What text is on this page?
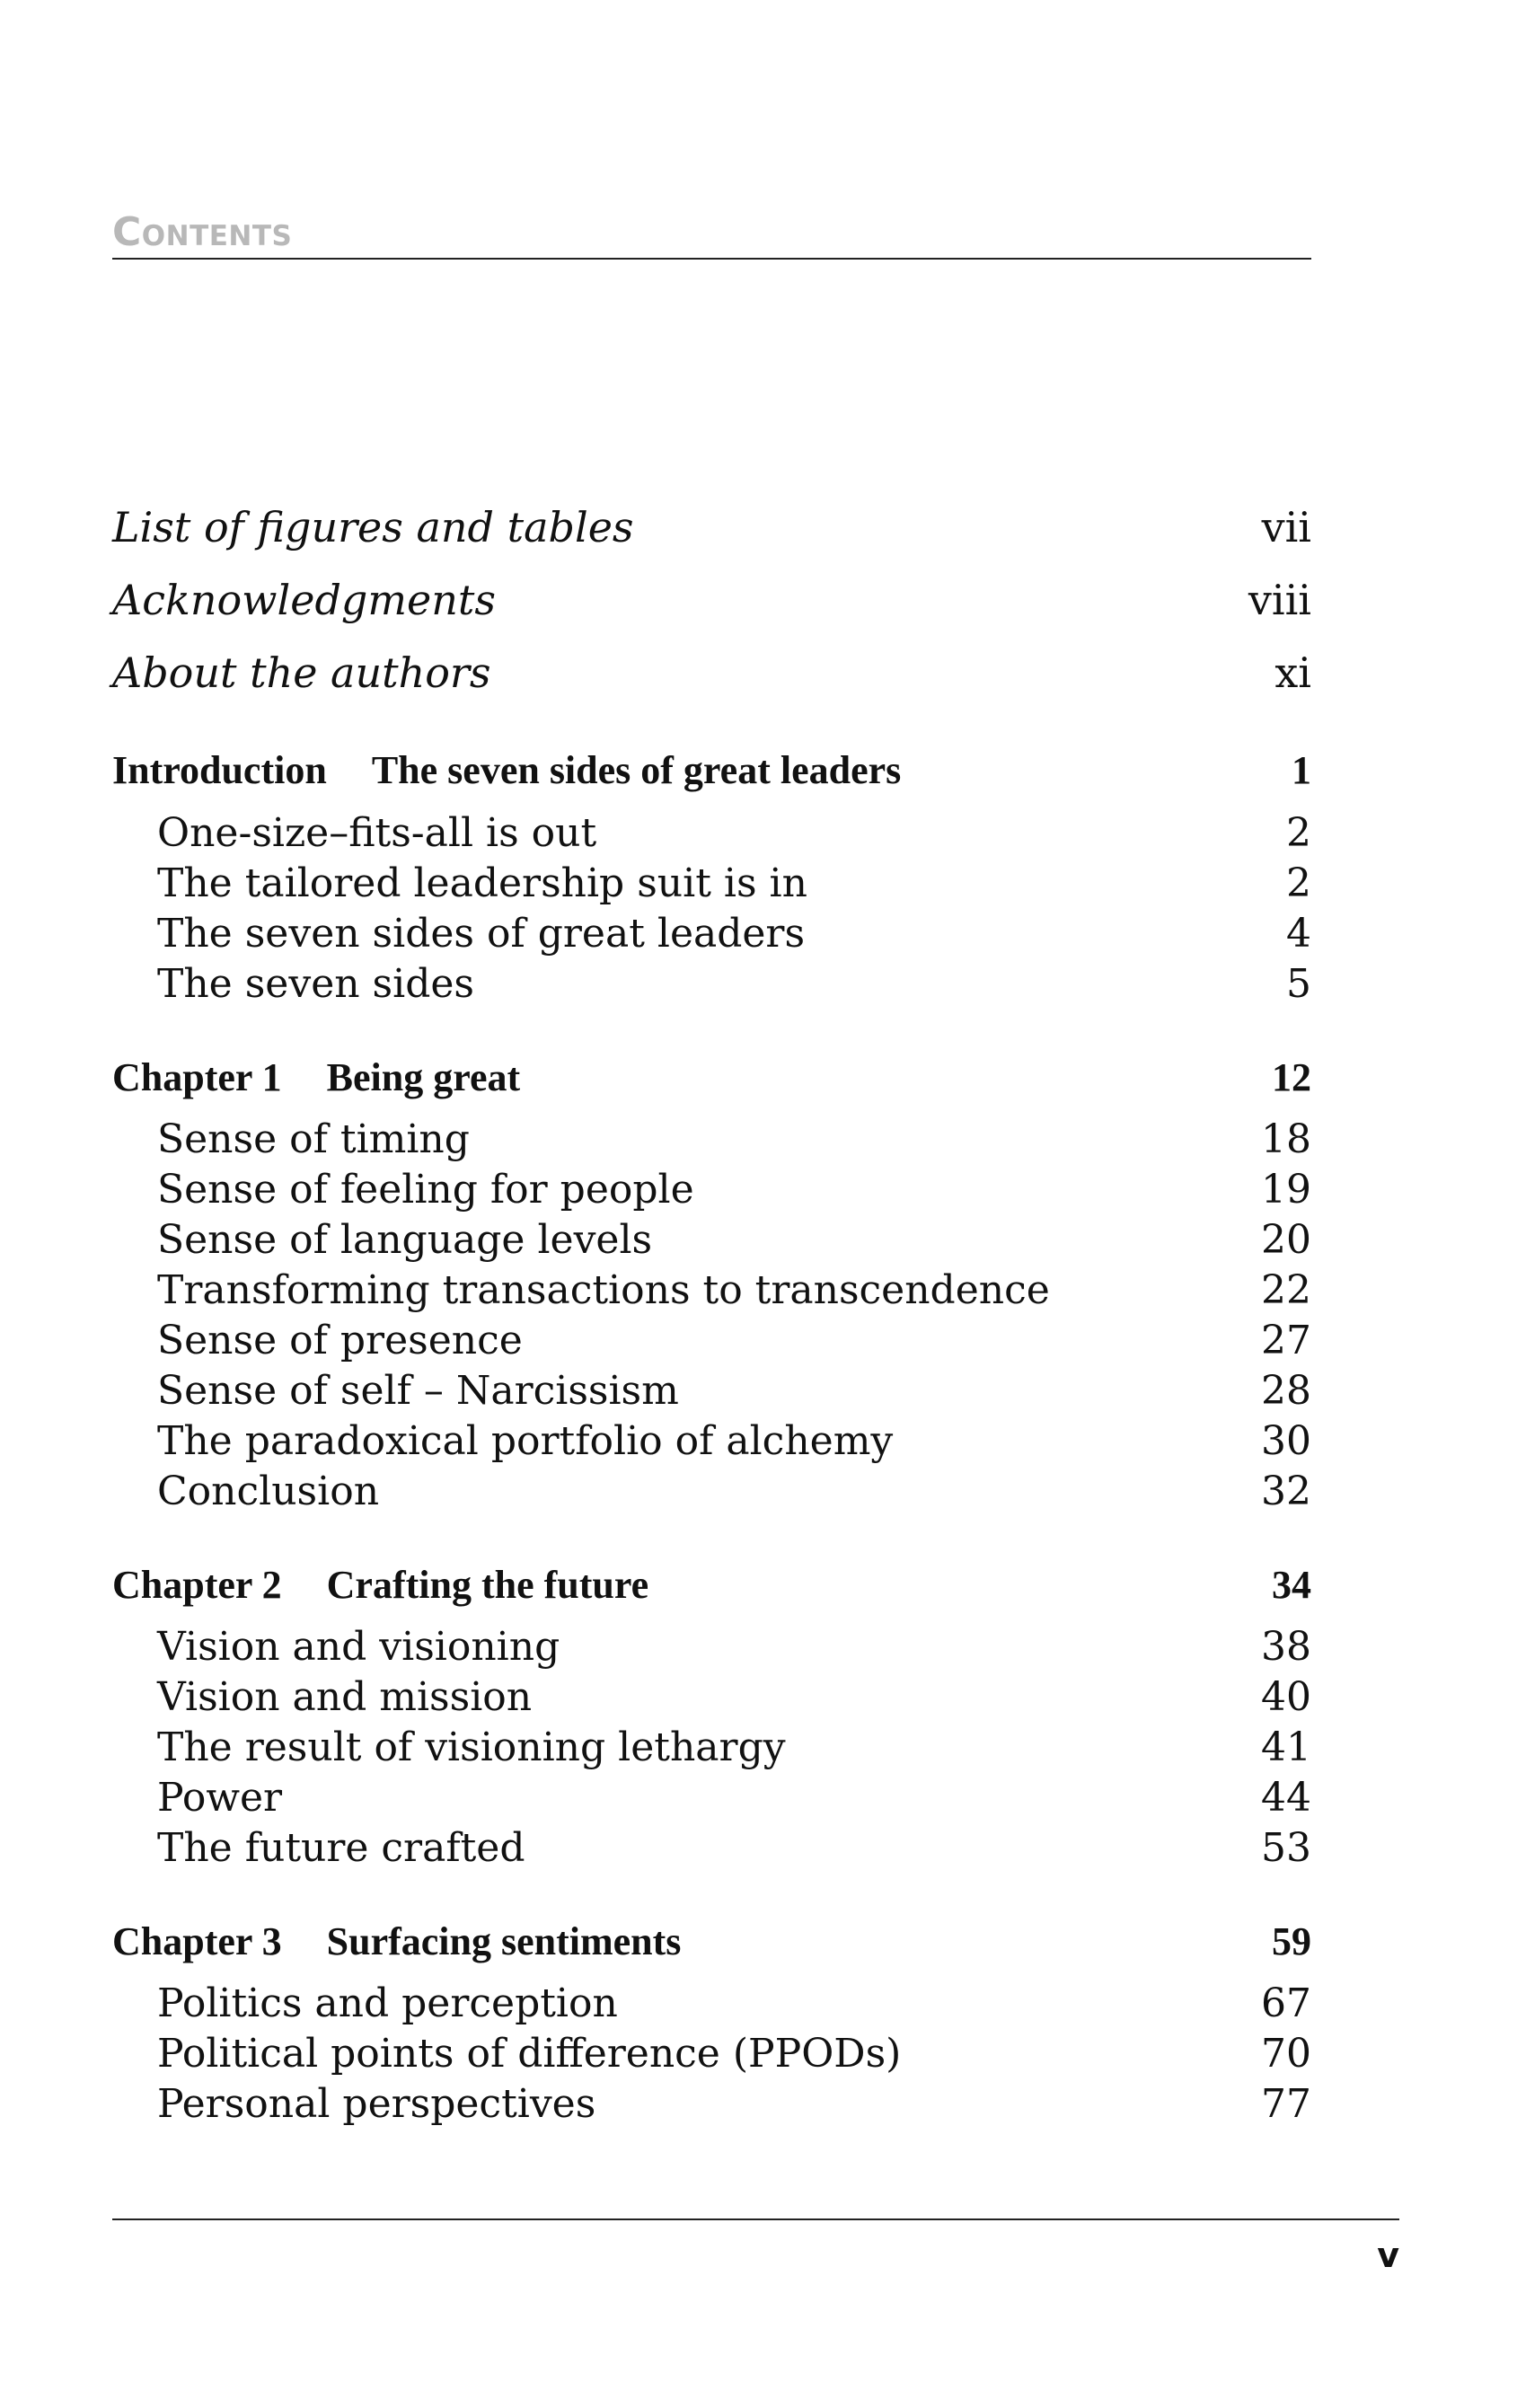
Contents
List of figures and tables	vii
Acknowledgments	viii
About the authors	xi
Introduction The seven sides of great leaders	1
One-size–fits-all is out	2
The tailored leadership suit is in	2
The seven sides of great leaders	4
The seven sides	5
Chapter 1 Being great	12
Sense of timing	18
Sense of feeling for people	19
Sense of language levels	20
Transforming transactions to transcendence	22
Sense of presence	27
Sense of self – Narcissism	28
The paradoxical portfolio of alchemy	30
Conclusion	32
Chapter 2 Crafting the future	34
Vision and visioning	38
Vision and mission	40
The result of visioning lethargy	41
Power	44
The future crafted	53
Chapter 3 Surfacing sentiments	59
Politics and perception	67
Political points of difference (PPODs)	70
Personal perspectives	77
v
